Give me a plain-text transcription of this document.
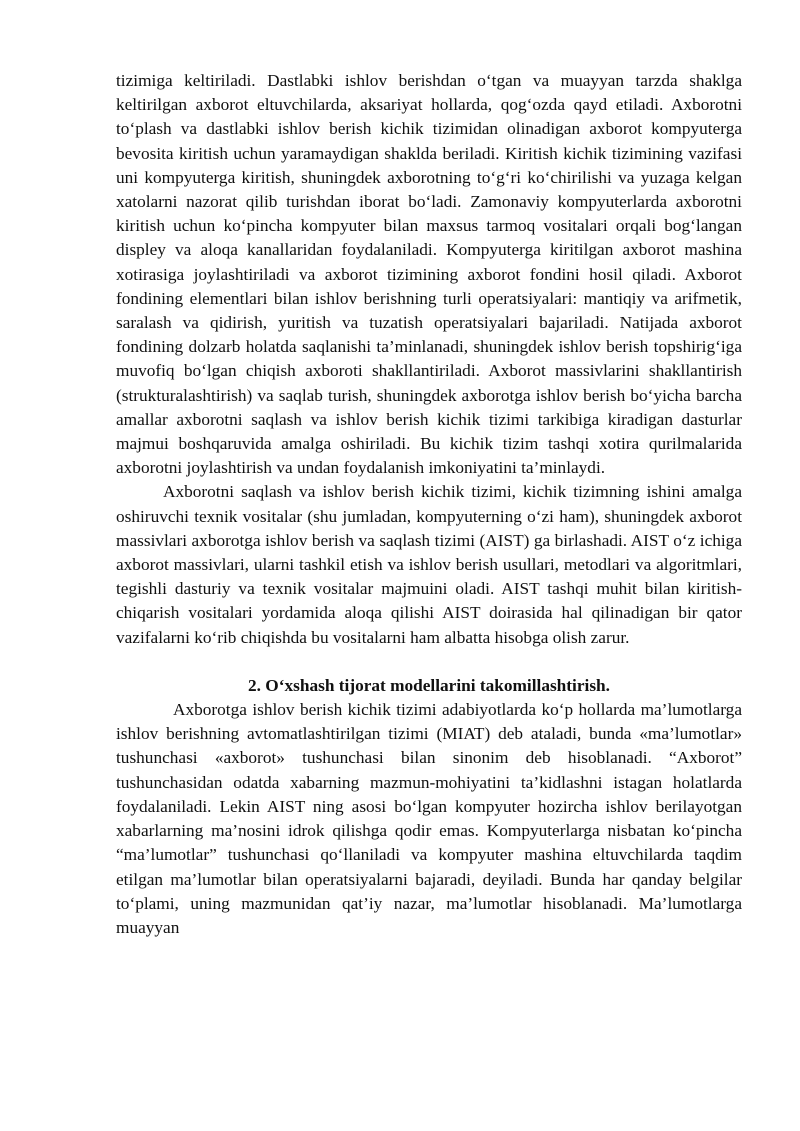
tizimiga keltiriladi. Dastlabki ishlov berishdan o‘tgan va muayyan tarzda shaklga keltirilgan axborot eltuvchilarda, aksariyat hollarda, qog‘ozda qayd etiladi. Axborotni to‘plash va dastlabki ishlov berish kichik tizimidan olinadigan axborot kompyuterga bevosita kiritish uchun yaramaydigan shaklda beriladi. Kiritish kichik tizimining vazifasi uni kompyuterga kiritish, shuningdek axborotning to‘g‘ri ko‘chirilishi va yuzaga kelgan xatolarni nazorat qilib turishdan iborat bo‘ladi. Zamonaviy kompyuterlarda axborotni kiritish uchun ko‘pincha kompyuter bilan maxsus tarmoq vositalari orqali bog‘langan displey va aloqa kanallaridan foydalaniladi. Kompyuterga kiritilgan axborot mashina xotirasiga joylashtiriladi va axborot tizimining axborot fondini hosil qiladi. Axborot fondining elementlari bilan ishlov berishning turli operatsiyalari: mantiqiy va arifmetik, saralash va qidirish, yuritish va tuzatish operatsiyalari bajariladi. Natijada axborot fondining dolzarb holatda saqlanishi ta’minlanadi, shuningdek ishlov berish topshirig‘iga muvofiq bo‘lgan chiqish axboroti shakllantiriladi. Axborot massivlarini shakllantirish (strukturalashtirish) va saqlab turish, shuningdek axborotga ishlov berish bo‘yicha barcha amallar axborotni saqlash va ishlov berish kichik tizimi tarkibiga kiradigan dasturlar majmui boshqaruvida amalga oshiriladi. Bu kichik tizim tashqi xotira qurilmalarida axborotni joylashtirish va undan foydalanish imkoniyatini ta’minlaydi.

Axborotni saqlash va ishlov berish kichik tizimi, kichik tizimning ishini amalga oshiruvchi texnik vositalar (shu jumladan, kompyuterning o‘zi ham), shuningdek axborot massivlari axborotga ishlov berish va saqlash tizimi (AIST) ga birlashadi. AIST o‘z ichiga axborot massivlari, ularni tashkil etish va ishlov berish usullari, metodlari va algoritmlari, tegishli dasturiy va texnik vositalar majmuini oladi. AIST tashqi muhit bilan kiritish-chiqarish vositalari yordamida aloqa qilishi AIST doirasida hal qilinadigan bir qator vazifalarni ko‘rib chiqishda bu vositalarni ham albatta hisobga olish zarur.

2. O‘xshash tijorat modellarini takomillashtirish.

Axborotga ishlov berish kichik tizimi adabiyotlarda ko‘p hollarda ma’lumotlarga ishlov berishning avtomatlashtirilgan tizimi (MIAT) deb ataladi, bunda «ma’lumotlar» tushunchasi «axborot» tushunchasi bilan sinonim deb hisoblanadi. “Axborot” tushunchasidan odatda xabarning mazmun-mohiyatini ta’kidlashni istagan holatlarda foydalaniladi. Lekin AIST ning asosi bo‘lgan kompyuter hozircha ishlov berilayotgan xabarlarning ma’nosini idrok qilishga qodir emas. Kompyuterlarga nisbatan ko‘pincha “ma’lumotlar” tushunchasi qo‘llaniladi va kompyuter mashina eltuvchilarda taqdim etilgan ma’lumotlar bilan operatsiyalarni bajaradi, deyiladi. Bunda har qanday belgilar to‘plami, uning mazmunidan qat’iy nazar, ma’lumotlar hisoblanadi. Ma’lumotlarga muayyan
